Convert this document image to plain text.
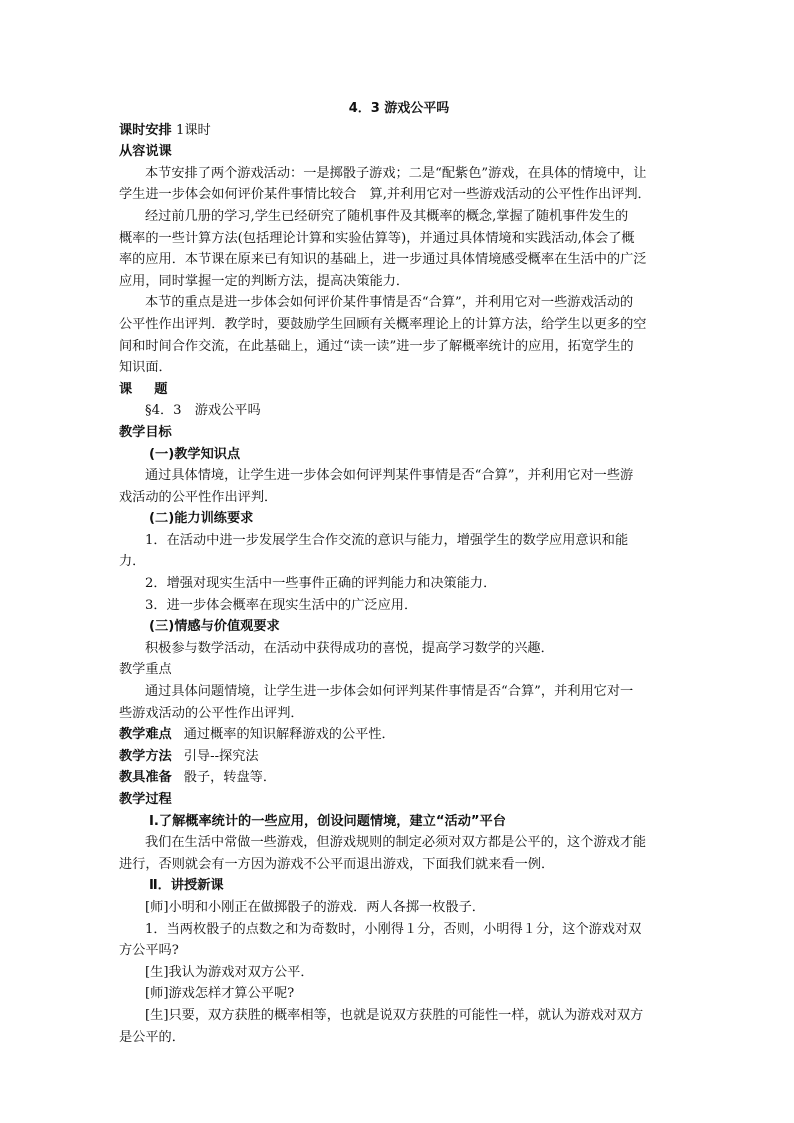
4．3 游戏公平吗

课时安排 1课时

从容说课

本节安排了两个游戏活动：一是掷骰子游戏；二是“配紫色”游戏，在具体的情境中，让

学生进一步体会如何评价某件事情比较合　算,并利用它对一些游戏活动的公平性作出评判．

经过前几册的学习,学生已经研究了随机事件及其概率的概念,掌握了随机事件发生的

概率的一些计算方法(包括理论计算和实验估算等)，并通过具体情境和实践活动,体会了概

率的应用．本节课在原来已有知识的基础上，进一步通过具体情境感受概率在生活中的广泛

应用，同时掌握一定的判断方法，提高决策能力．

本节的重点是进一步体会如何评价某件事情是否“合算”，并利用它对一些游戏活动的

公平性作出评判．教学时，要鼓励学生回顾有关概率理论上的计算方法，给学生以更多的空

间和时间合作交流，在此基础上，通过“读一读”进一步了解概率统计的应用，拓宽学生的

知识面．

课 题

§4．3　游戏公平吗

教学目标

(一)教学知识点

通过具体情境，让学生进一步体会如何评判某件事情是否“合算”，并利用它对一些游

戏活动的公平性作出评判．

(二)能力训练要求

1．在活动中进一步发展学生合作交流的意识与能力，增强学生的数学应用意识和能

力．

2．增强对现实生活中一些事件正确的评判能力和决策能力．

3．进一步体会概率在现实生活中的广泛应用．

(三)情感与价值观要求

积极参与数学活动，在活动中获得成功的喜悦，提高学习数学的兴趣．

教学重点

通过具体问题情境，让学生进一步体会如何评判某件事情是否“合算”，并利用它对一

些游戏活动的公平性作出评判．

教学难点 通过概率的知识解释游戏的公平性．

教学方法 引导--探究法

教具准备 骰子，转盘等．

教学过程

Ⅰ.了解概率统计的一些应用，创设问题情境，建立“活动”平台

我们在生活中常做一些游戏，但游戏规则的制定必须对双方都是公平的，这个游戏才能

进行，否则就会有一方因为游戏不公平而退出游戏，下面我们就来看一例．

Ⅱ．讲授新课

[师]小明和小刚正在做掷骰子的游戏．两人各掷一枚骰子．

1．当两枚骰子的点数之和为奇数时，小刚得１分，否则，小明得１分，这个游戏对双

方公平吗?

[生]我认为游戏对双方公平．

[师]游戏怎样才算公平呢?

[生]只要，双方获胜的概率相等，也就是说双方获胜的可能性一样，就认为游戏对双方

是公平的．
